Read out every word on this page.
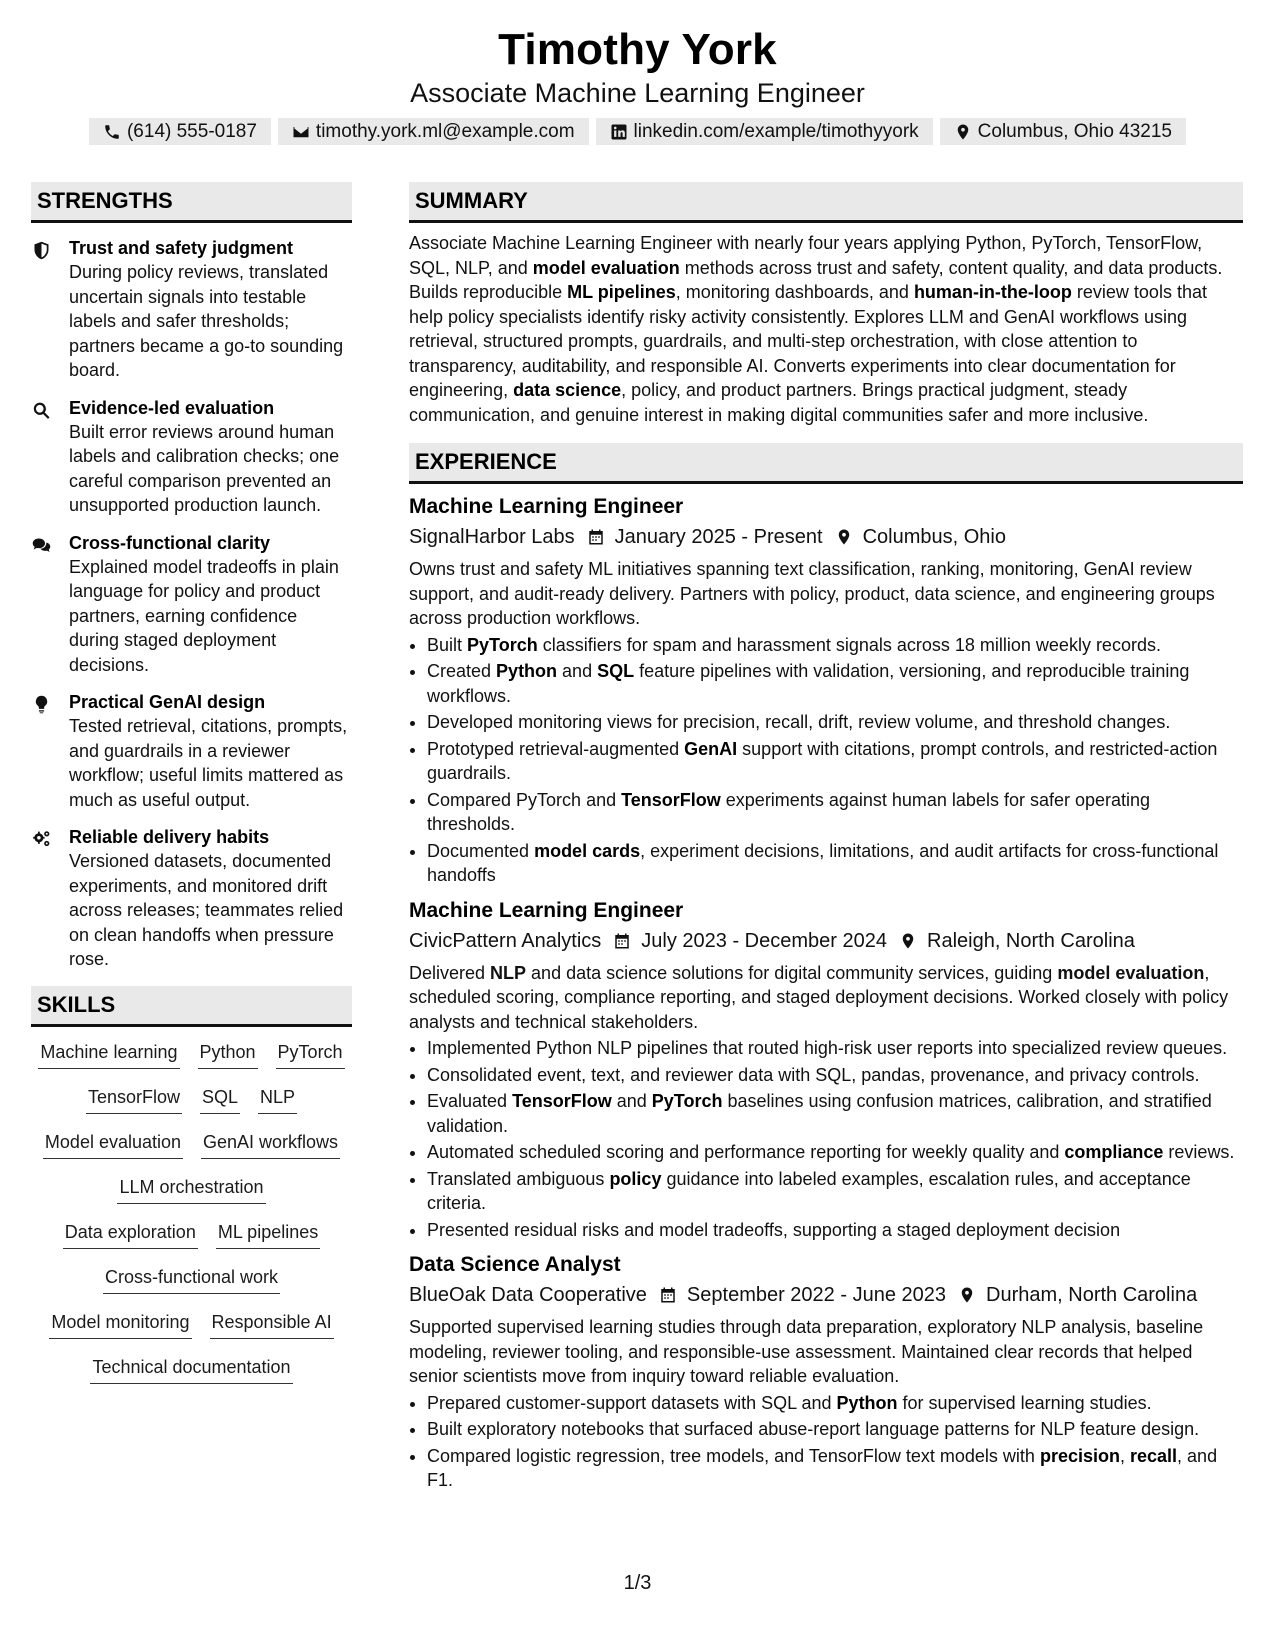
Timothy York
Associate Machine Learning Engineer
(614) 555-0187	timothy.york.ml@example.com	linkedin.com/example/timothyyork	Columbus, Ohio 43215
STRENGTHS
Trust and safety judgment
During policy reviews, translated uncertain signals into testable labels and safer thresholds; partners became a go-to sounding board.
Evidence-led evaluation
Built error reviews around human labels and calibration checks; one careful comparison prevented an unsupported production launch.
Cross-functional clarity
Explained model tradeoffs in plain language for policy and product partners, earning confidence during staged deployment decisions.
Practical GenAI design
Tested retrieval, citations, prompts, and guardrails in a reviewer workflow; useful limits mattered as much as useful output.
Reliable delivery habits
Versioned datasets, documented experiments, and monitored drift across releases; teammates relied on clean handoffs when pressure rose.
SKILLS
Machine learning Python PyTorch
TensorFlow SQL NLP
Model evaluation GenAI workflows
LLM orchestration
Data exploration ML pipelines
Cross-functional work
Model monitoring Responsible AI
Technical documentation
SUMMARY

Associate Machine Learning Engineer with nearly four years applying Python, PyTorch, TensorFlow, SQL, NLP, and model evaluation methods across trust and safety, content quality, and data products. Builds reproducible ML pipelines, monitoring dashboards, and human-in-the-loop review tools that help policy specialists identify risky activity consistently. Explores LLM and GenAI workflows using retrieval, structured prompts, guardrails, and multi-step orchestration, with close attention to transparency, auditability, and responsible AI. Converts experiments into clear documentation for engineering, data science, policy, and product partners. Brings practical judgment, steady communication, and genuine interest in making digital communities safer and more inclusive.

EXPERIENCE
Machine Learning Engineer
SignalHarbor Labs January 2025 - Present Columbus, Ohio
Owns trust and safety ML initiatives spanning text classification, ranking, monitoring, GenAI review support, and audit-ready delivery. Partners with policy, product, data science, and engineering groups across production workflows.
• Built PyTorch classifiers for spam and harassment signals across 18 million weekly records.
• Created Python and SQL feature pipelines with validation, versioning, and reproducible training workflows.
• Developed monitoring views for precision, recall, drift, review volume, and threshold changes.
• Prototyped retrieval-augmented GenAI support with citations, prompt controls, and restricted-action guardrails.
• Compared PyTorch and TensorFlow experiments against human labels for safer operating thresholds.
• Documented model cards, experiment decisions, limitations, and audit artifacts for cross-functional handoffs
Machine Learning Engineer
CivicPattern Analytics July 2023 - December 2024 Raleigh, North Carolina
Delivered NLP and data science solutions for digital community services, guiding model evaluation, scheduled scoring, compliance reporting, and staged deployment decisions. Worked closely with policy analysts and technical stakeholders.
• Implemented Python NLP pipelines that routed high-risk user reports into specialized review queues.
• Consolidated event, text, and reviewer data with SQL, pandas, provenance, and privacy controls.
• Evaluated TensorFlow and PyTorch baselines using confusion matrices, calibration, and stratified validation.
• Automated scheduled scoring and performance reporting for weekly quality and compliance reviews.
• Translated ambiguous policy guidance into labeled examples, escalation rules, and acceptance criteria.
• Presented residual risks and model tradeoffs, supporting a staged deployment decision
Data Science Analyst
BlueOak Data Cooperative September 2022 - June 2023 Durham, North Carolina
Supported supervised learning studies through data preparation, exploratory NLP analysis, baseline modeling, reviewer tooling, and responsible-use assessment. Maintained clear records that helped senior scientists move from inquiry toward reliable evaluation.
• Prepared customer-support datasets with SQL and Python for supervised learning studies.
• Built exploratory notebooks that surfaced abuse-report language patterns for NLP feature design.
• Compared logistic regression, tree models, and TensorFlow text models with precision, recall, and F1.
1/3
